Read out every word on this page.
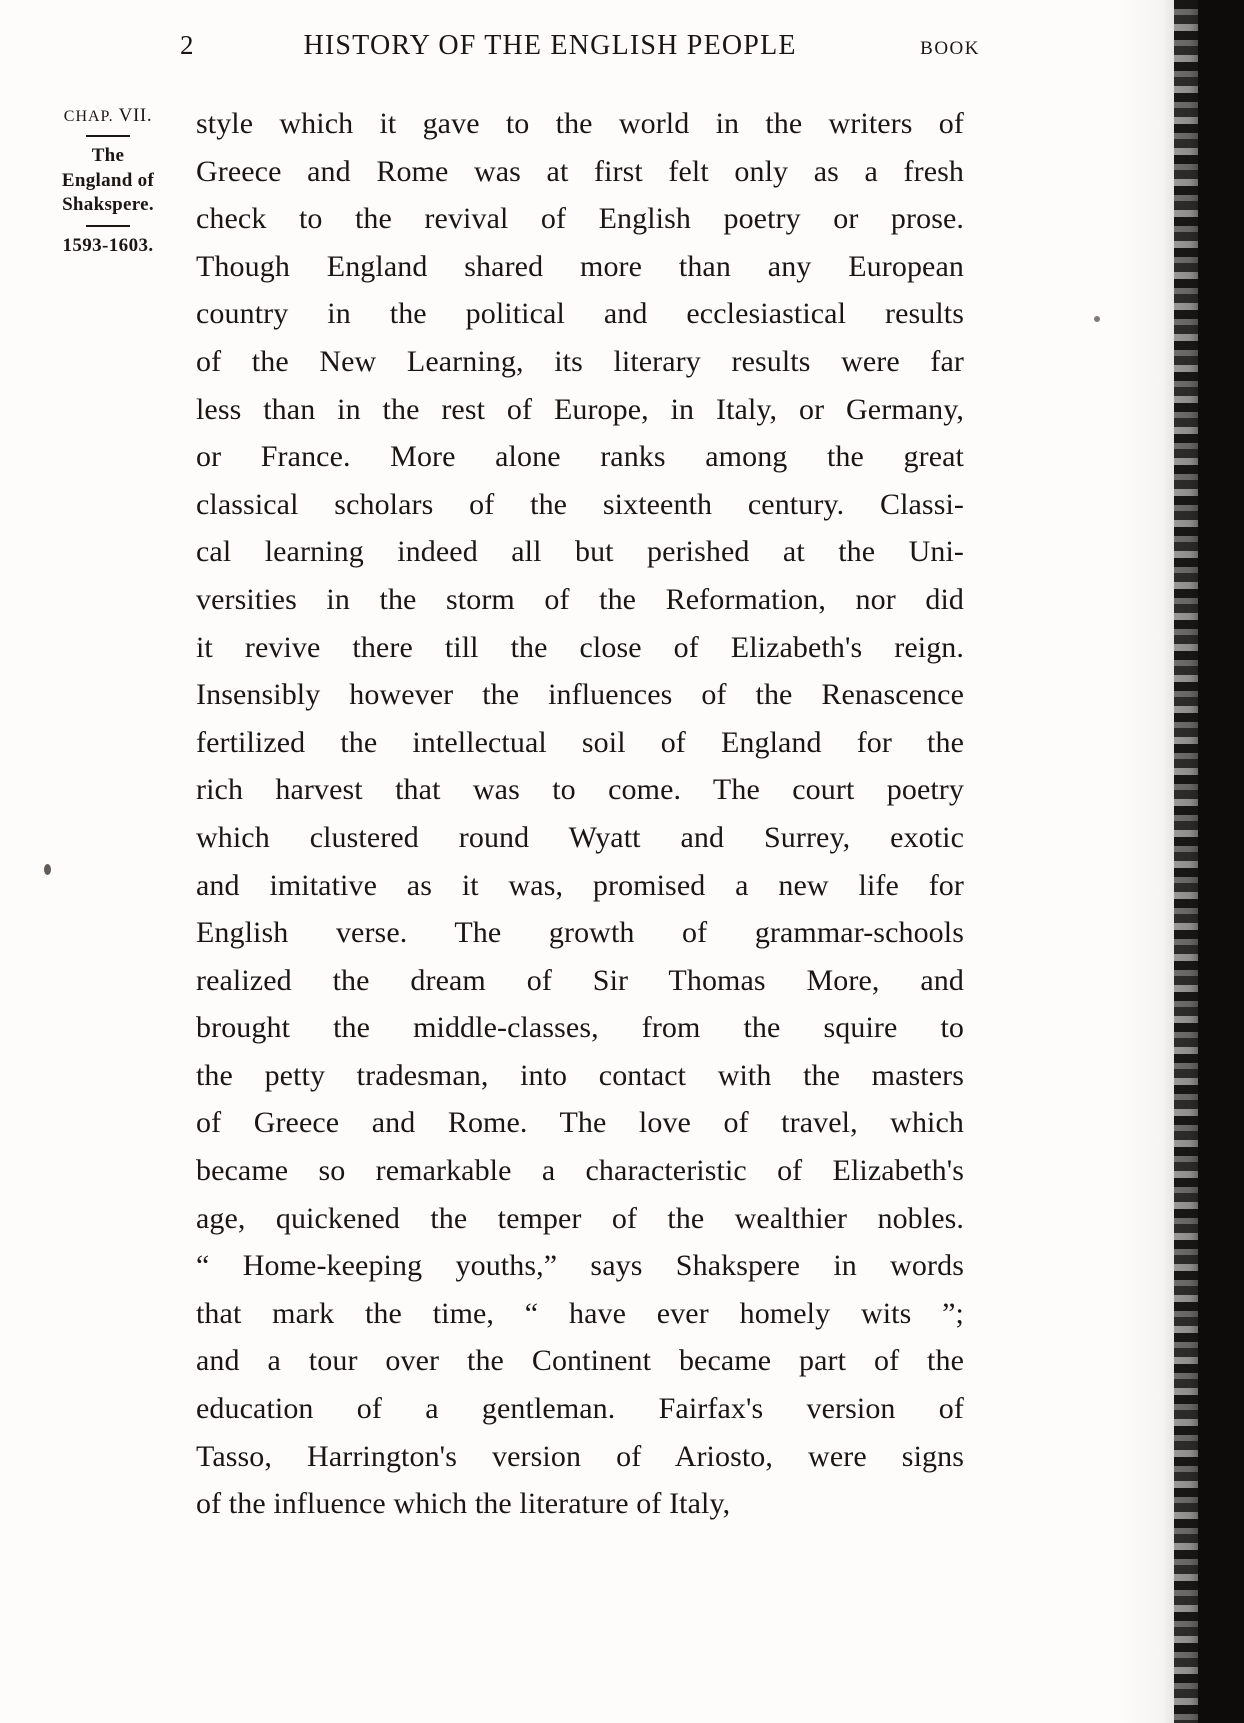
2	HISTORY OF THE ENGLISH PEOPLE	BOOK
CHAP. VII.
The
England of
Shakspere.
1593-1603.

style which it gave to the world in the writers of
Greece and Rome was at first felt only as a fresh
check to the revival of English poetry or prose.
Though England shared more than any European
country in the political and ecclesiastical results
of the New Learning, its literary results were far
less than in the rest of Europe, in Italy, or Germany,
or France. More alone ranks among the great
classical scholars of the sixteenth century. Classi-
cal learning indeed all but perished at the Uni-
versities in the storm of the Reformation, nor did
it revive there till the close of Elizabeth's reign.
Insensibly however the influences of the Renascence
fertilized the intellectual soil of England for the
rich harvest that was to come. The court poetry
which clustered round Wyatt and Surrey, exotic
and imitative as it was, promised a new life for
English verse. The growth of grammar-schools
realized the dream of Sir Thomas More, and
brought the middle-classes, from the squire to
the petty tradesman, into contact with the masters
of Greece and Rome. The love of travel, which
became so remarkable a characteristic of Elizabeth's
age, quickened the temper of the wealthier nobles.
“ Home-keeping youths,” says Shakspere in words
that mark the time, “ have ever homely wits ”;
and a tour over the Continent became part of the
education of a gentleman. Fairfax's version of
Tasso, Harrington's version of Ariosto, were signs
of the influence which the literature of Italy,
